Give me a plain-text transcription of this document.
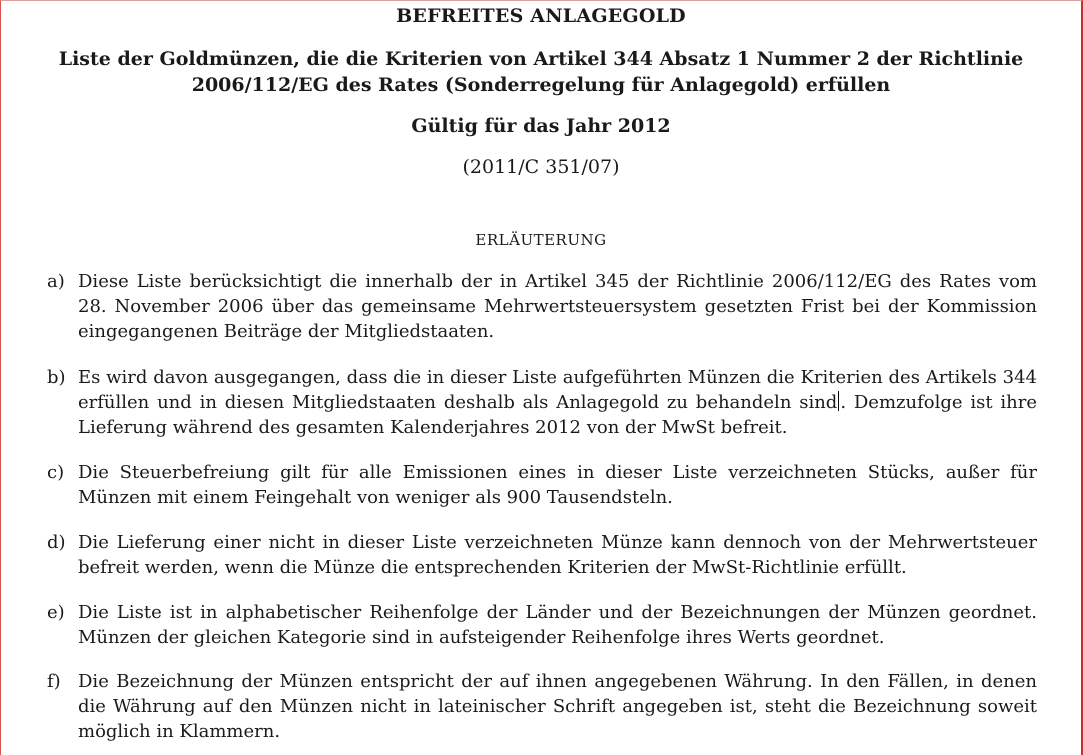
BEFREITES ANLAGEGOLD
Liste der Goldmünzen, die die Kriterien von Artikel 344 Absatz 1 Nummer 2 der Richtlinie 2006/112/EG des Rates (Sonderregelung für Anlagegold) erfüllen
Gültig für das Jahr 2012
(2011/C 351/07)
ERLÄUTERUNG
a) Diese Liste berücksichtigt die innerhalb der in Artikel 345 der Richtlinie 2006/112/EG des Rates vom 28. November 2006 über das gemeinsame Mehrwertsteuersystem gesetzten Frist bei der Kommission eingegangenen Beiträge der Mitgliedstaaten.
b) Es wird davon ausgegangen, dass die in dieser Liste aufgeführten Münzen die Kriterien des Artikels 344 erfüllen und in diesen Mitgliedstaaten deshalb als Anlagegold zu behandeln sind . Demzufolge ist ihre Lieferung während des gesamten Kalenderjahres 2012 von der MwSt befreit.
c) Die Steuerbefreiung gilt für alle Emissionen eines in dieser Liste verzeichneten Stücks, außer für Münzen mit einem Feingehalt von weniger als 900 Tausendsteln.
d) Die Lieferung einer nicht in dieser Liste verzeichneten Münze kann dennoch von der Mehrwertsteuer befreit werden, wenn die Münze die entsprechenden Kriterien der MwSt-Richtlinie erfüllt.
e) Die Liste ist in alphabetischer Reihenfolge der Länder und der Bezeichnungen der Münzen geordnet. Münzen der gleichen Kategorie sind in aufsteigender Reihenfolge ihres Werts geordnet.
f) Die Bezeichnung der Münzen entspricht der auf ihnen angegebenen Währung. In den Fällen, in denen die Währung auf den Münzen nicht in lateinischer Schrift angegeben ist, steht die Bezeichnung soweit möglich in Klammern.
